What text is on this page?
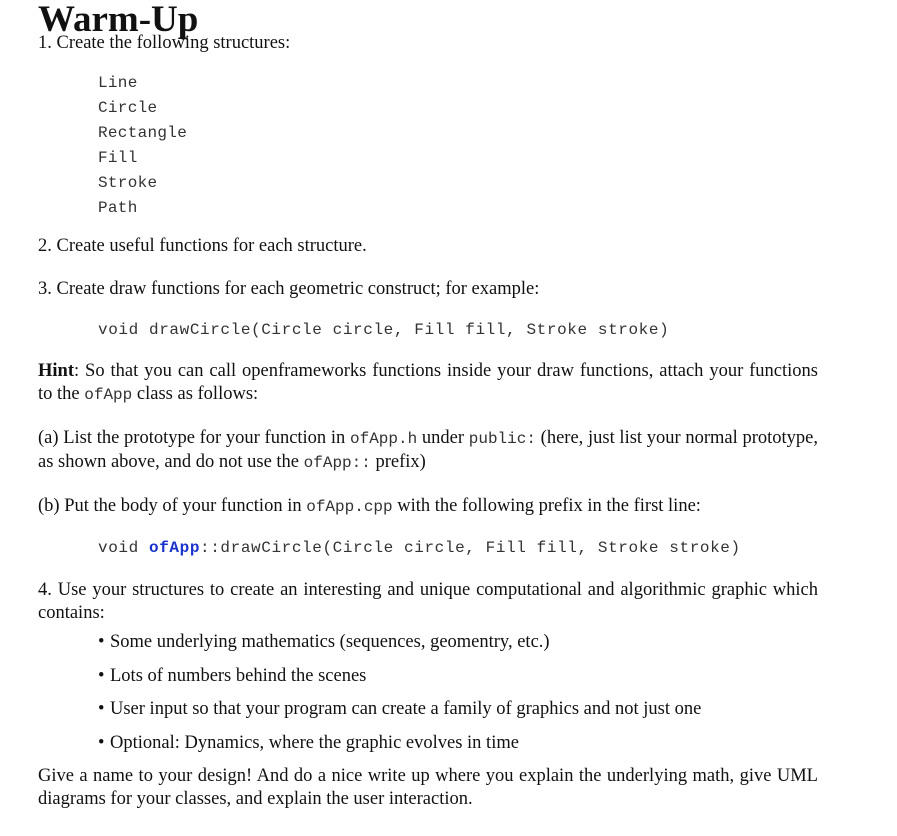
Warm-Up

1. Create the following structures:

Line
Circle
Rectangle
Fill
Stroke
Path

2. Create useful functions for each structure.

3. Create draw functions for each geometric construct; for example:

void drawCircle(Circle circle, Fill fill, Stroke stroke)

Hint: So that you can call openframeworks functions inside your draw functions, attach your functions to the ofApp class as follows:

(a) List the prototype for your function in ofApp.h under public: (here, just list your normal prototype, as shown above, and do not use the ofApp:: prefix)

(b) Put the body of your function in ofApp.cpp with the following prefix in the first line:

void ofApp::drawCircle(Circle circle, Fill fill, Stroke stroke)

4. Use your structures to create an interesting and unique computational and algorithmic graphic which contains:

• Some underlying mathematics (sequences, geomentry, etc.)
• Lots of numbers behind the scenes
• User input so that your program can create a family of graphics and not just one
• Optional: Dynamics, where the graphic evolves in time

Give a name to your design! And do a nice write up where you explain the underlying math, give UML diagrams for your classes, and explain the user interaction.
